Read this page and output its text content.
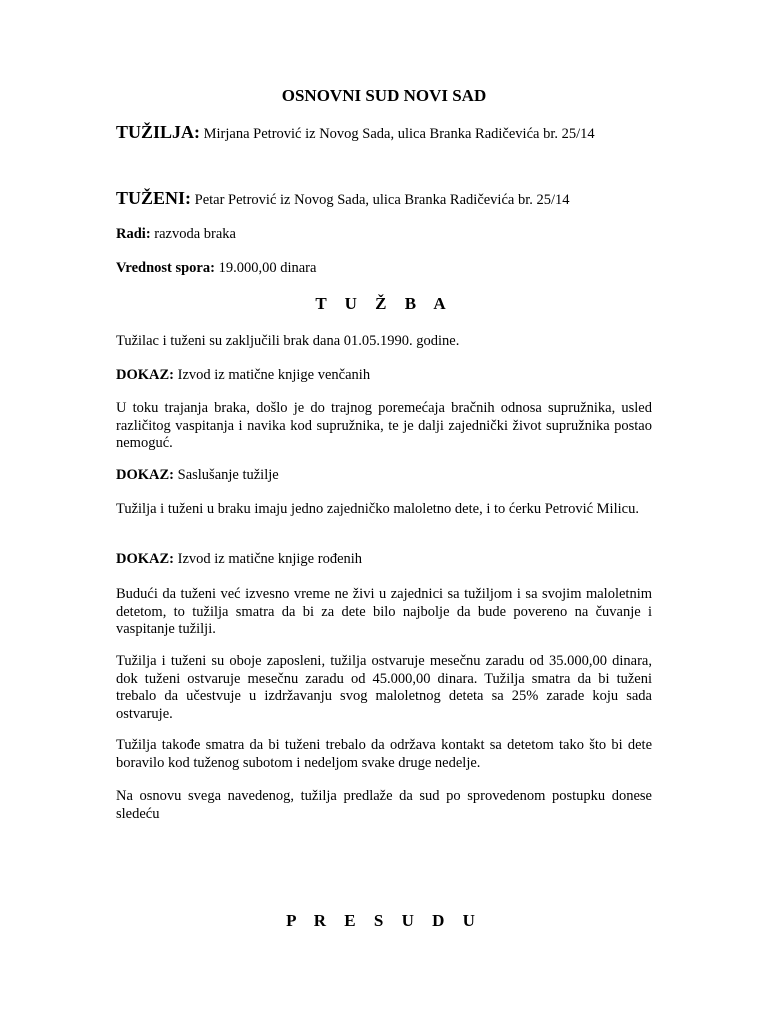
OSNOVNI SUD NOVI SAD
TUŽILJA: Mirjana Petrović iz Novog Sada, ulica Branka Radičevića br. 25/14
TUŽENI: Petar Petrović iz Novog Sada, ulica Branka Radičevića br. 25/14
Radi: razvoda braka
Vrednost spora: 19.000,00 dinara
T U Ž B A
Tužilac i tuženi su zaključili brak dana 01.05.1990. godine.
DOKAZ: Izvod iz matične knjige venčanih
U toku trajanja braka, došlo je do trajnog poremećaja bračnih odnosa supružnika, usled različitog vaspitanja i navika kod supružnika, te je dalji zajednički život supružnika postao nemoguć.
DOKAZ: Saslušanje tužilje
Tužilja i tuženi u braku imaju jedno zajedničko maloletno dete, i to ćerku Petrović Milicu.
DOKAZ: Izvod iz matične knjige rođenih
Budući da tuženi već izvesno vreme ne živi u zajednici sa tužiljom i sa svojim maloletnim detetom, to tužilja smatra da bi za dete bilo najbolje da bude povereno na čuvanje i vaspitanje tužilji.
Tužilja i tuženi su oboje zaposleni, tužilja ostvaruje mesečnu zaradu od 35.000,00 dinara, dok tuženi ostvaruje mesečnu zaradu od 45.000,00 dinara. Tužilja smatra da bi tuženi trebalo da učestvuje u izdržavanju svog maloletnog deteta sa 25% zarade koju sada ostvaruje.
Tužilja takođe smatra da bi tuženi trebalo da održava kontakt sa detetom tako što bi dete boravilo kod tuženog subotom i nedeljom svake druge nedelje.
Na osnovu svega navedenog, tužilja predlaže da sud po sprovedenom postupku donese sledeću
P R E S U D U
